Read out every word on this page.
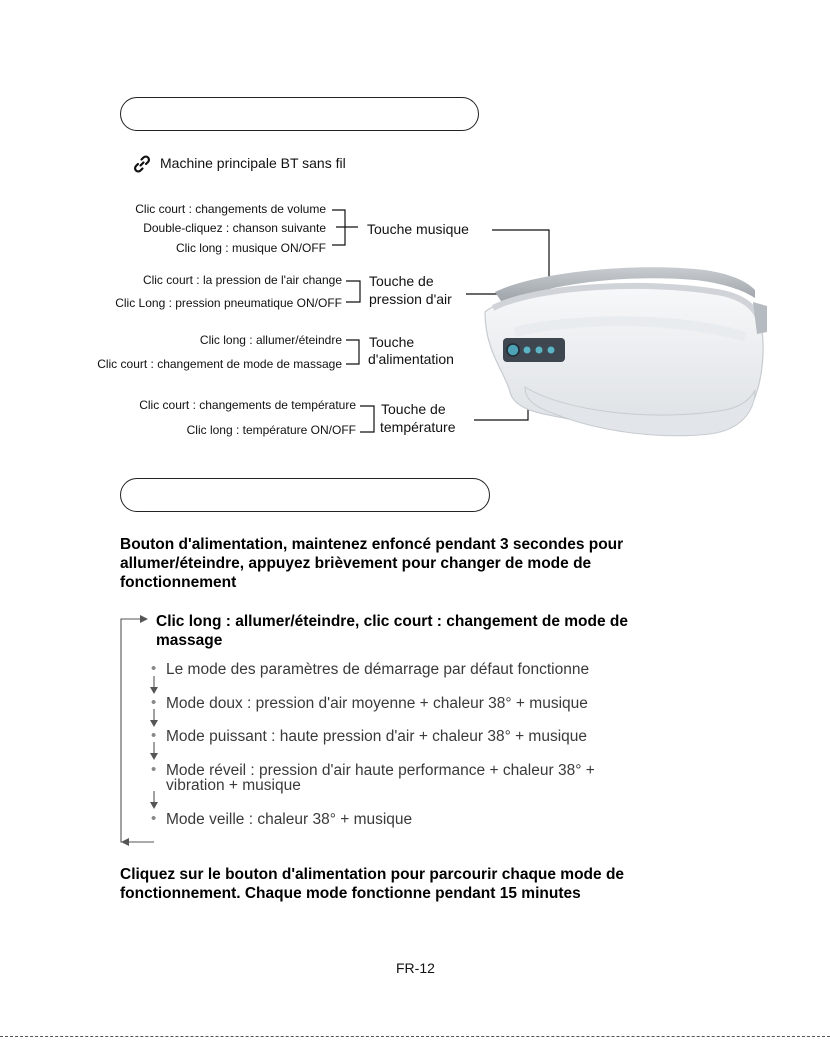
Machine principale BT sans fil
Clic court : changements de volume
Double-cliquez : chanson suivante
Clic long : musique ON/OFF
Touche musique
Clic court : la pression de l'air change
Clic Long : pression pneumatique ON/OFF
Touche de
pression d'air
Clic long : allumer/éteindre
Clic court : changement de mode de massage
Touche
d'alimentation
Clic court : changements de température
Clic long : température ON/OFF
Touche de
température
Bouton d'alimentation, maintenez enfoncé pendant 3 secondes pour
allumer/éteindre, appuyez brièvement pour changer de mode de
fonctionnement
Clic long : allumer/éteindre, clic court : changement de mode de
massage
• Le mode des paramètres de démarrage par défaut fonctionne
• Mode doux : pression d'air moyenne + chaleur 38° + musique
• Mode puissant : haute pression d'air + chaleur 38° + musique
• Mode réveil : pression d'air haute performance + chaleur 38° +
vibration + musique
• Mode veille : chaleur 38° + musique
Cliquez sur le bouton d'alimentation pour parcourir chaque mode de
fonctionnement. Chaque mode fonctionne pendant 15 minutes
FR-12
